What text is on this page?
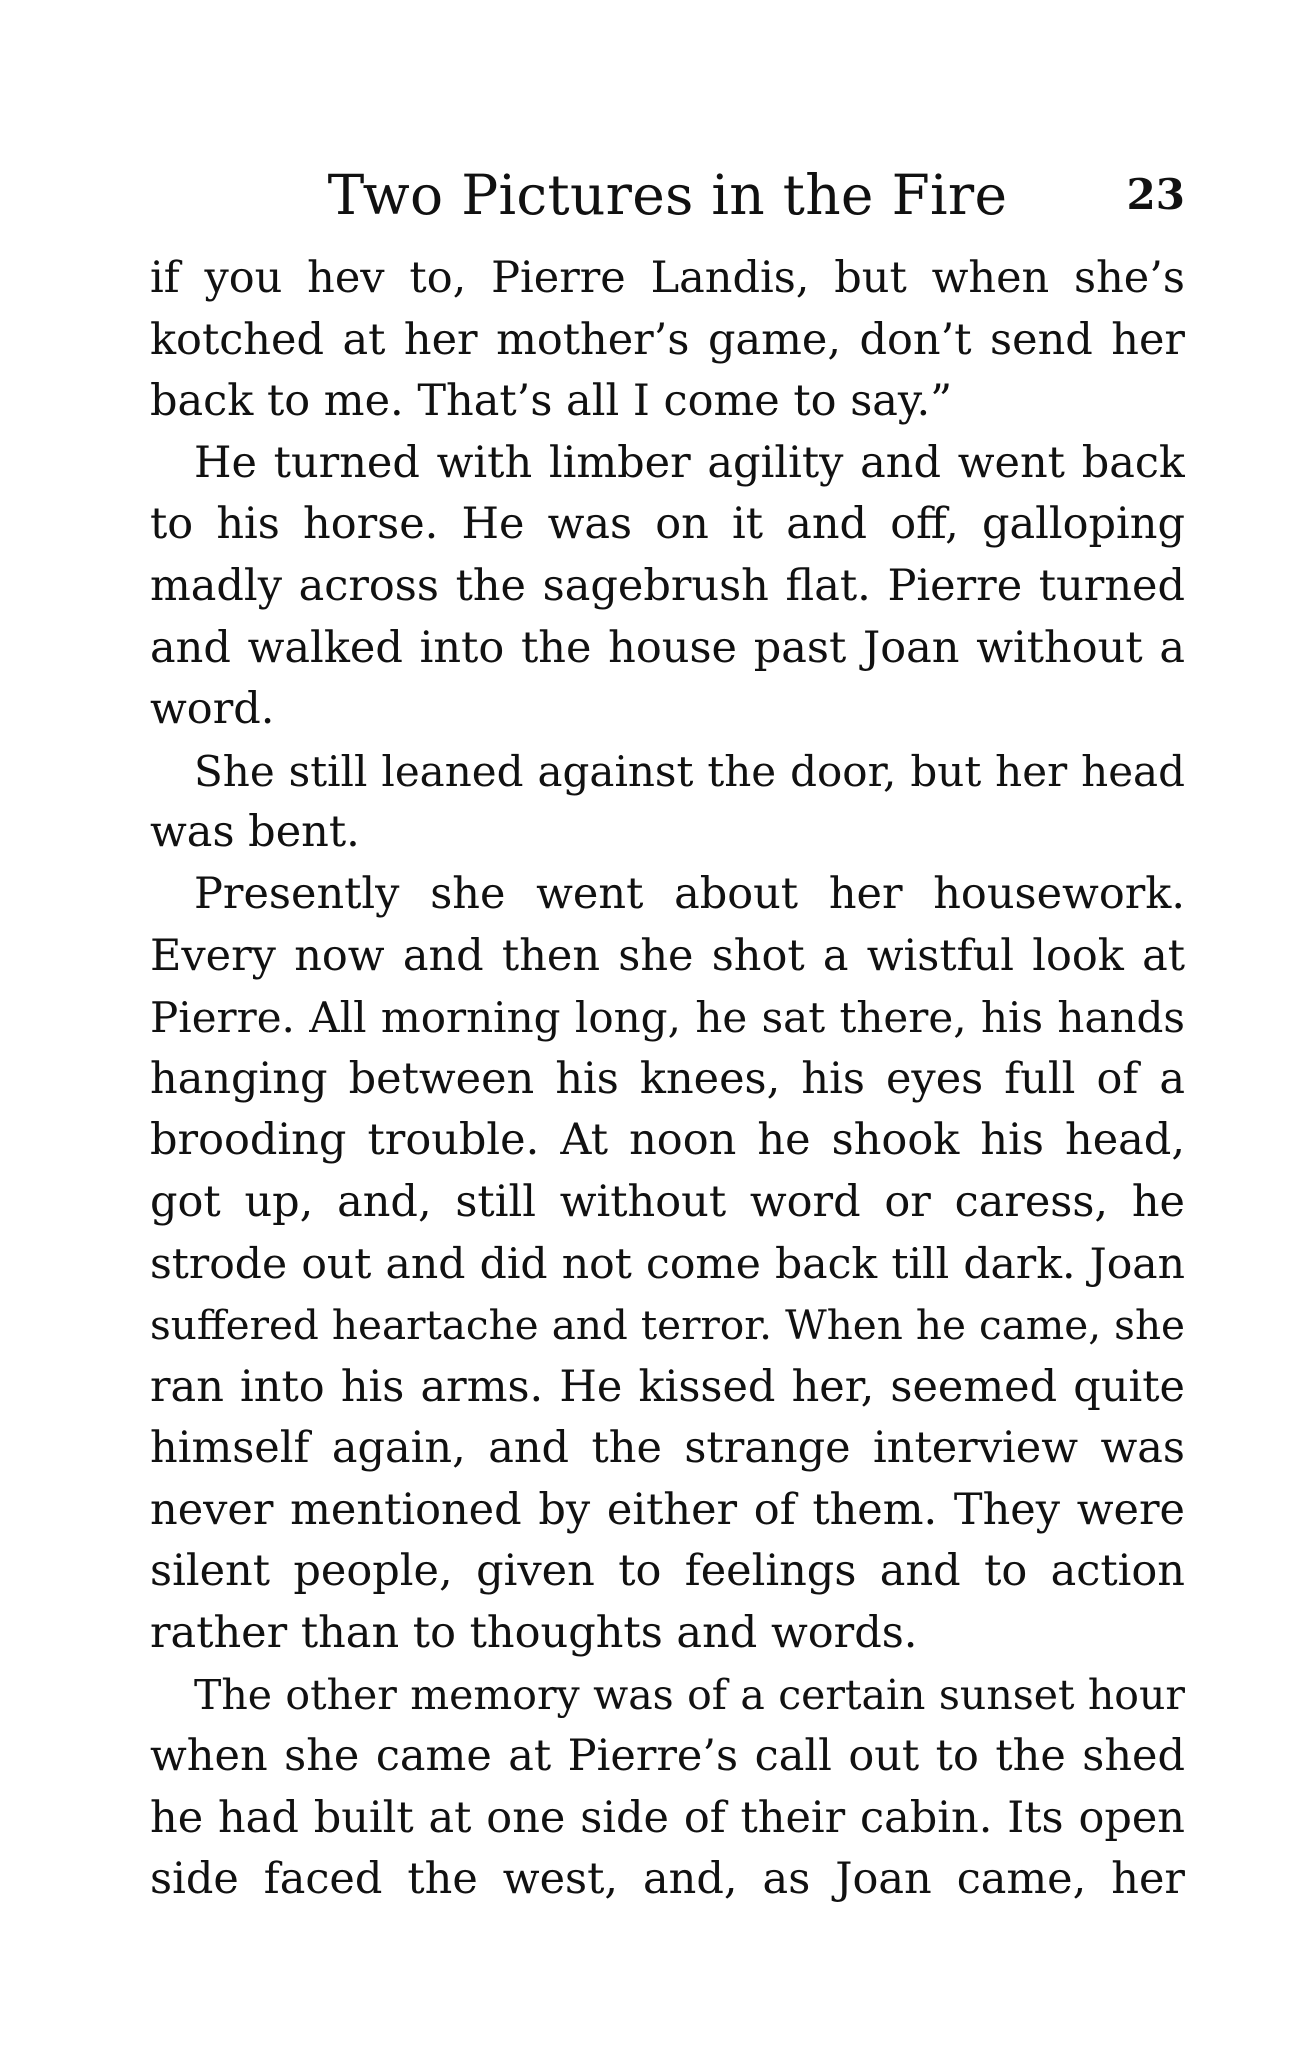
Two Pictures in the Fire	23
if you hev to, Pierre Landis, but when she’s
kotched at her mother’s game, don’t send her
back to me. That’s all I come to say.”
He turned with limber agility and went back
to his horse. He was on it and off, galloping
madly across the sagebrush flat. Pierre turned
and walked into the house past Joan without a
word.
She still leaned against the door, but her head
was bent.
Presently she went about her housework.
Every now and then she shot a wistful look at
Pierre. All morning long, he sat there, his hands
hanging between his knees, his eyes full of a
brooding trouble. At noon he shook his head,
got up, and, still without word or caress, he
strode out and did not come back till dark. Joan
suffered heartache and terror. When he came, she
ran into his arms. He kissed her, seemed quite
himself again, and the strange interview was
never mentioned by either of them. They were
silent people, given to feelings and to action
rather than to thoughts and words.
The other memory was of a certain sunset hour
when she came at Pierre’s call out to the shed
he had built at one side of their cabin. Its open
side faced the west, and, as Joan came, her
